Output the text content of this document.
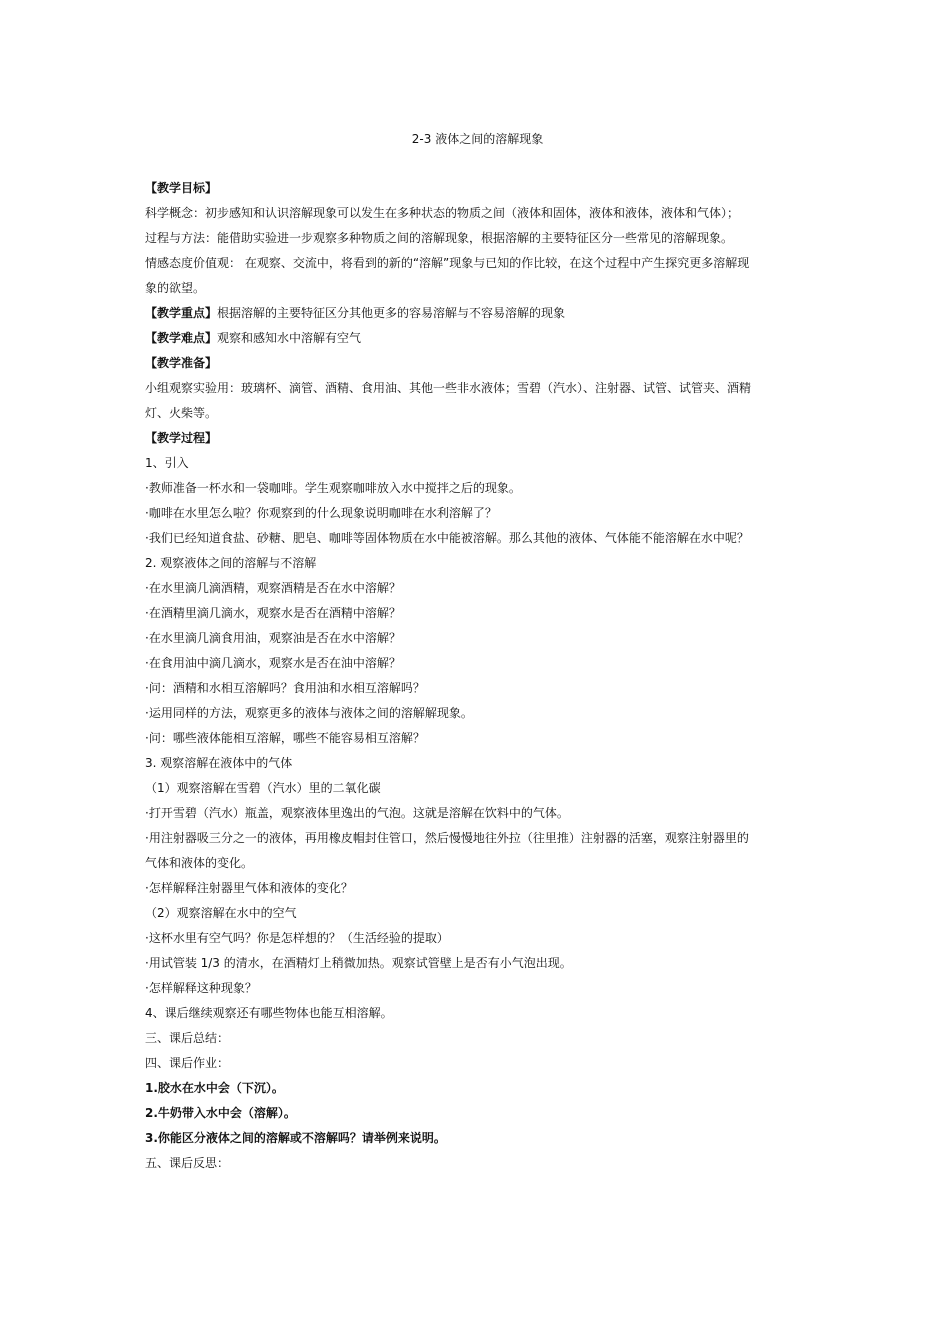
2-3 液体之间的溶解现象

【教学目标】

科学概念：初步感知和认识溶解现象可以发生在多种状态的物质之间（液体和固体，液体和液体，液体和气体）；

过程与方法：能借助实验进一步观察多种物质之间的溶解现象，根据溶解的主要特征区分一些常见的溶解现象。

情感态度价值观： 在观察、交流中，将看到的新的“溶解”现象与已知的作比较，在这个过程中产生探究更多溶解现

象的欲望。

【教学重点】根据溶解的主要特征区分其他更多的容易溶解与不容易溶解的现象

【教学难点】观察和感知水中溶解有空气

【教学准备】

小组观察实验用：玻璃杯、滴管、酒精、食用油、其他一些非水液体；雪碧（汽水）、注射器、试管、试管夹、酒精

灯、火柴等。

【教学过程】

1、引入

·教师准备一杯水和一袋咖啡。学生观察咖啡放入水中搅拌之后的现象。

·咖啡在水里怎么啦？你观察到的什么现象说明咖啡在水利溶解了？

·我们已经知道食盐、砂糖、肥皂、咖啡等固体物质在水中能被溶解。那么其他的液体、气体能不能溶解在水中呢？

2. 观察液体之间的溶解与不溶解

·在水里滴几滴酒精，观察酒精是否在水中溶解？

·在酒精里滴几滴水，观察水是否在酒精中溶解？

·在水里滴几滴食用油，观察油是否在水中溶解？

·在食用油中滴几滴水，观察水是否在油中溶解？

·问：酒精和水相互溶解吗？食用油和水相互溶解吗？

·运用同样的方法，观察更多的液体与液体之间的溶解解现象。

·问：哪些液体能相互溶解，哪些不能容易相互溶解？

3. 观察溶解在液体中的气体

（1）观察溶解在雪碧（汽水）里的二氧化碳

·打开雪碧（汽水）瓶盖，观察液体里逸出的气泡。这就是溶解在饮料中的气体。

·用注射器吸三分之一的液体，再用橡皮帽封住管口，然后慢慢地往外拉（往里推）注射器的活塞，观察注射器里的

气体和液体的变化。

·怎样解释注射器里气体和液体的变化？

（2）观察溶解在水中的空气

·这杯水里有空气吗？你是怎样想的？（生活经验的提取）

·用试管装 1/3 的清水，在酒精灯上稍微加热。观察试管壁上是否有小气泡出现。

·怎样解释这种现象？

4、课后继续观察还有哪些物体也能互相溶解。

三、课后总结：

四、课后作业：

1.胶水在水中会（下沉）。

2.牛奶带入水中会（溶解）。

3.你能区分液体之间的溶解或不溶解吗？请举例来说明。

五、课后反思：
